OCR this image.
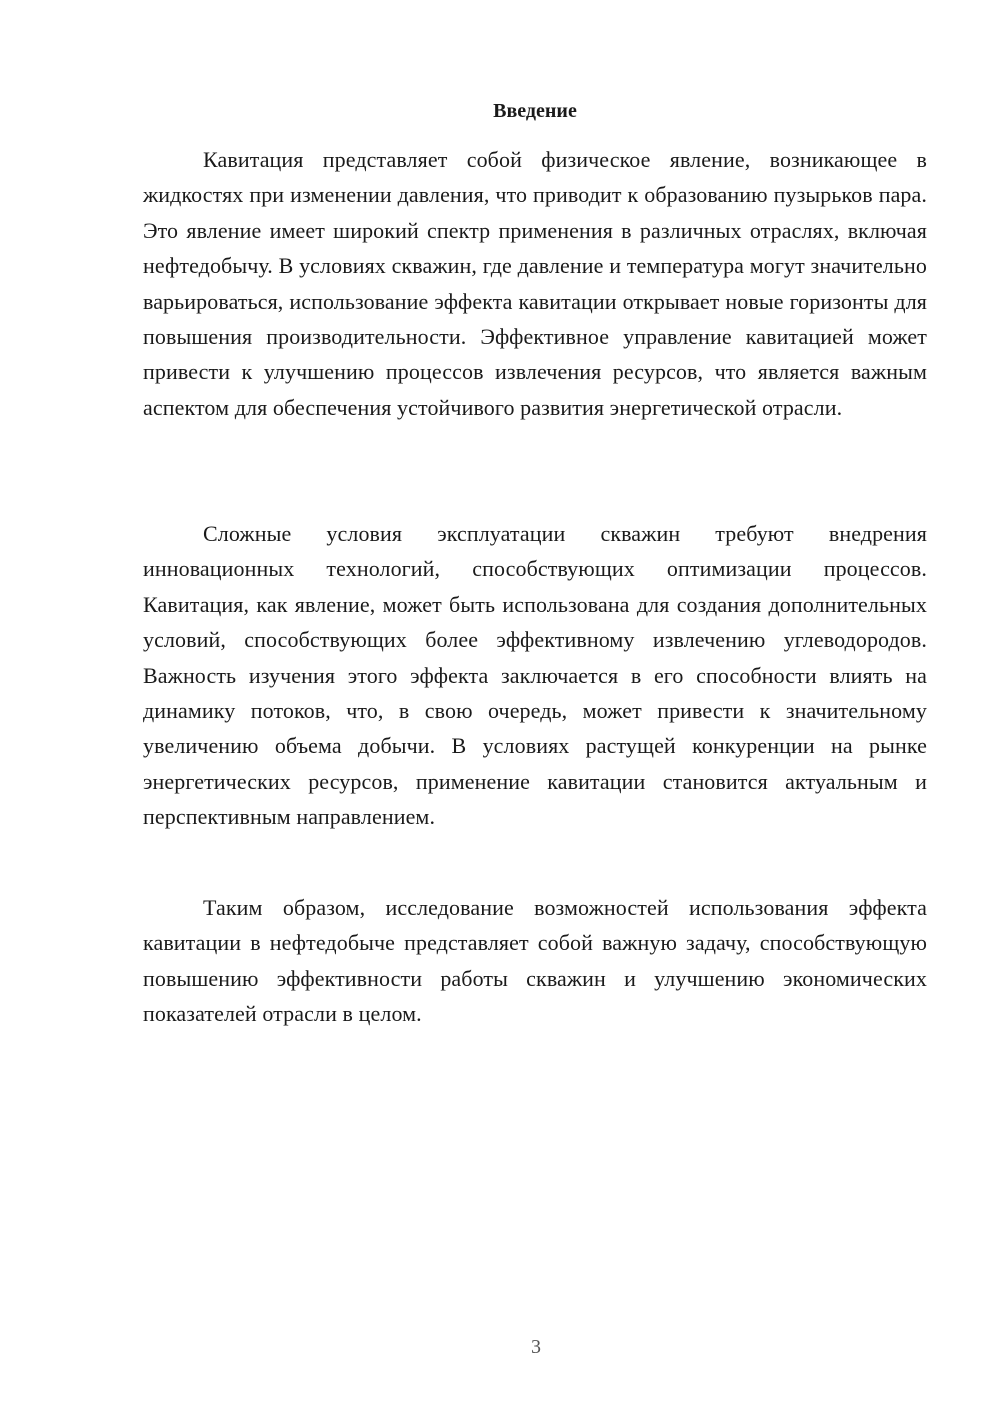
Введение

Кавитация представляет собой физическое явление, возникающее в жидкостях при изменении давления, что приводит к образованию пузырьков пара. Это явление имеет широкий спектр применения в различных отраслях, включая нефтедобычу. В условиях скважин, где давление и температура могут значительно варьироваться, использование эффекта кавитации открывает новые горизонты для повышения производительности. Эффективное управление кавитацией может привести к улучшению процессов извлечения ресурсов, что является важным аспектом для обеспечения устойчивого развития энергетической отрасли.

Сложные условия эксплуатации скважин требуют внедрения инновационных технологий, способствующих оптимизации процессов. Кавитация, как явление, может быть использована для создания дополнительных условий, способствующих более эффективному извлечению углеводородов. Важность изучения этого эффекта заключается в его способности влиять на динамику потоков, что, в свою очередь, может привести к значительному увеличению объема добычи. В условиях растущей конкуренции на рынке энергетических ресурсов, применение кавитации становится актуальным и перспективным направлением.

Таким образом, исследование возможностей использования эффекта кавитации в нефтедобыче представляет собой важную задачу, способствующую повышению эффективности работы скважин и улучшению экономических показателей отрасли в целом.

3
